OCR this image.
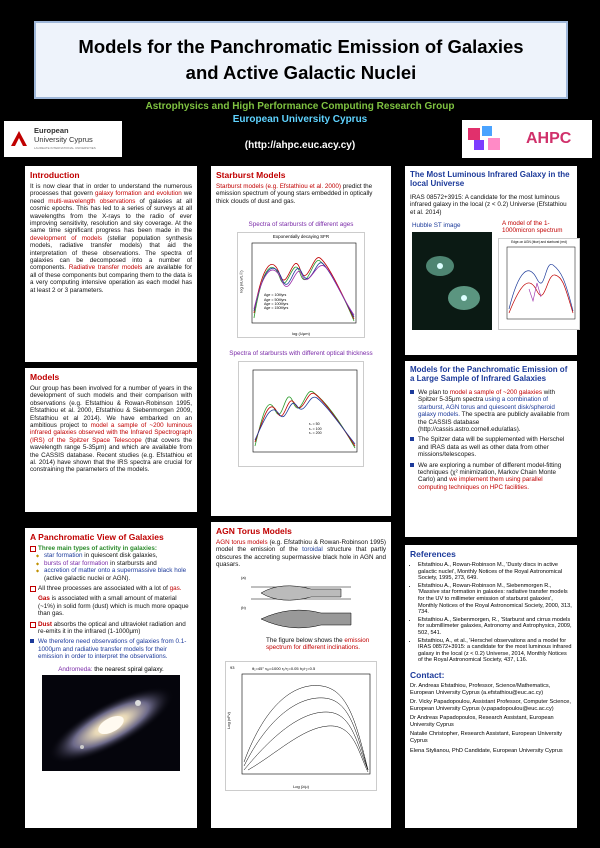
Models for the Panchromatic Emission of Galaxies
and Active Galactic Nuclei
Astrophysics and High Performance Computing Research Group
European University Cyprus
(http://ahpc.euc.acy.cy)
European
University Cyprus
LAUREATE INTERNATIONAL UNIVERSITIES
AHPC

Introduction

It is now clear that in order to understand the numerous processes that govern galaxy formation and evolution we need multi-wavelength observations of galaxies at all cosmic epochs. This has led to a series of surveys at all wavelengths from the X-rays to the radio of ever improving sensitivity, resolution and sky coverage. At the same time significant progress has been made in the development of models (stellar population synthesis models, radiative transfer models) that aid the interpretation of these observations. The spectra of galaxies can be decomposed into a number of components. Radiative transfer models are available for all of these components but comparing them to the data is a very computing intensive operation as each model has at least 2 or 3 parameters.

Models

Our group has been involved for a number of years in the development of such models and their comparison with observations (e.g. Efstathiou & Rowan-Robinson 1995, Efstathiou et al. 2000, Efstathiou & Siebenmorgen 2009, Efstathiou et al 2014). We have embarked on an ambitious project to model a sample of ~200 luminous infrared galaxies observed with the Infrared Spectrograph (IRS) of the Spitzer Space Telescope (that covers the wavelength range 5-35μm) and which are available from the CASSIS database. Recent studies (e.g. Efstathiou et al. 2014) have shown that the IRS spectra are crucial for constraining the parameters of the models.

A Panchromatic View of Galaxies

Three main types of activity in galaxies:

◆ star formation in quiescent disk galaxies,

◆ bursts of star formation in starbursts and

◆ accretion of matter onto a supermassive black hole (active galactic nuclei or AGN).

All three processes are associated with a lot of gas.

Gas is associated with a small amount of material (~1%) in solid form (dust) which is much more opaque than gas.

Dust absorbs the optical and ultraviolet radiation and re-emits it in the infrared (1-1000μm)

We therefore need observations of galaxies from 0.1-1000μm and radiative transfer models for their emission in order to interpret the observations.

Andromeda: the nearest spiral galaxy.

Starburst Models

Starburst models (e.g. Efstathiou et al. 2000) predict the emission spectrum of young stars embedded in optically thick clouds of dust and gas.

Spectra of starbursts of different ages

Exponentially decaying SFR
Age = 10Myrs
Age = 50Myrs
Age = 100Myrs
Age = 150Myrs
log (λ/μm)
log (νLν/L☉)

Spectra of starbursts with different optical thickness

τᵥ = 50
τᵥ = 100
τᵥ = 200

AGN Torus Models

AGN torus models (e.g. Efstathiou & Rowan-Robinson 1995) model the emission of the toroidal structure that partly obscures the accreting supermassive black hole in AGN and quasars.

(a)
(b)

The figure below shows the emission spectrum for different inclinations.

93	θ₁=45° τᵤᵥ=1000 r₁/r₂=0.05 h₁/r₂=0.5
Log (λ/μ)
Log (νFν)

The Most Luminous Infrared Galaxy in the local Universe

IRAS 08572+3915: A candidate for the most luminous infrared galaxy in the local (z < 0.2) Universe (Efstathiou et al. 2014)

Hubble ST image	A model of the 1-1000micron spectrum
Edge-on AGN (blue) and starburst (red)

Models for the Panchromatic Emission of a Large Sample of Infrared Galaxies

We plan to model a sample of ~200 galaxies with Spitzer 5-35μm spectra using a combination of starburst, AGN torus and quiescent disk/spheroid galaxy models. The spectra are publicly available from the CASSIS database (http://cassis.astro.cornell.edu/atlas).

The Spitzer data will be supplemented with Herschel and IRAS data as well as other data from other missions/telescopes.

We are exploring a number of different model-fitting techniques (χ² minimization, Markov Chain Monte Carlo) and we implement them using parallel computing techniques on HPC facilities.

References

• Efstathiou A., Rowan-Robinson M., 'Dusty discs in active galactic nuclei', Monthly Notices of the Royal Astronomical Society, 1995, 273, 649.
• Efstathiou A., Rowan-Robinson M., Siebenmorgen R., 'Massive star formation in galaxies: radiative transfer models for the UV to millimeter emission of starburst galaxies', Monthly Notices of the Royal Astronomical Society, 2000, 313, 734.
• Efstathiou A., Siebenmorgen, R., 'Starburst and cirrus models for submillimeter galaxies, Astronomy and Astrophysics, 2009, 502, 541.
• Efstathiou, A., et al., 'Herschel observations and a model for IRAS 08572+3915: a candidate for the most luminous infrared galaxy in the local (z < 0.2) Universe, 2014, Monthly Notices of the Royal Astronomical Society, 437, L16.

Contact:

Dr. Andreas Efstathiou, Professor, Science/Mathematics, European University Cyprus (a.efstathiou@euc.ac.cy)

Dr. Vicky Papadopoulou, Assistant Professor, Computer Science, European University Cyprus (v.papadopoulou@euc.ac.cy)

Dr Andreas Papadopoulos, Research Assistant, European University Cyprus

Natalie Christopher, Research Assistant, European University Cyprus

Elena Stylianou, PhD Candidate, European University Cyprus
